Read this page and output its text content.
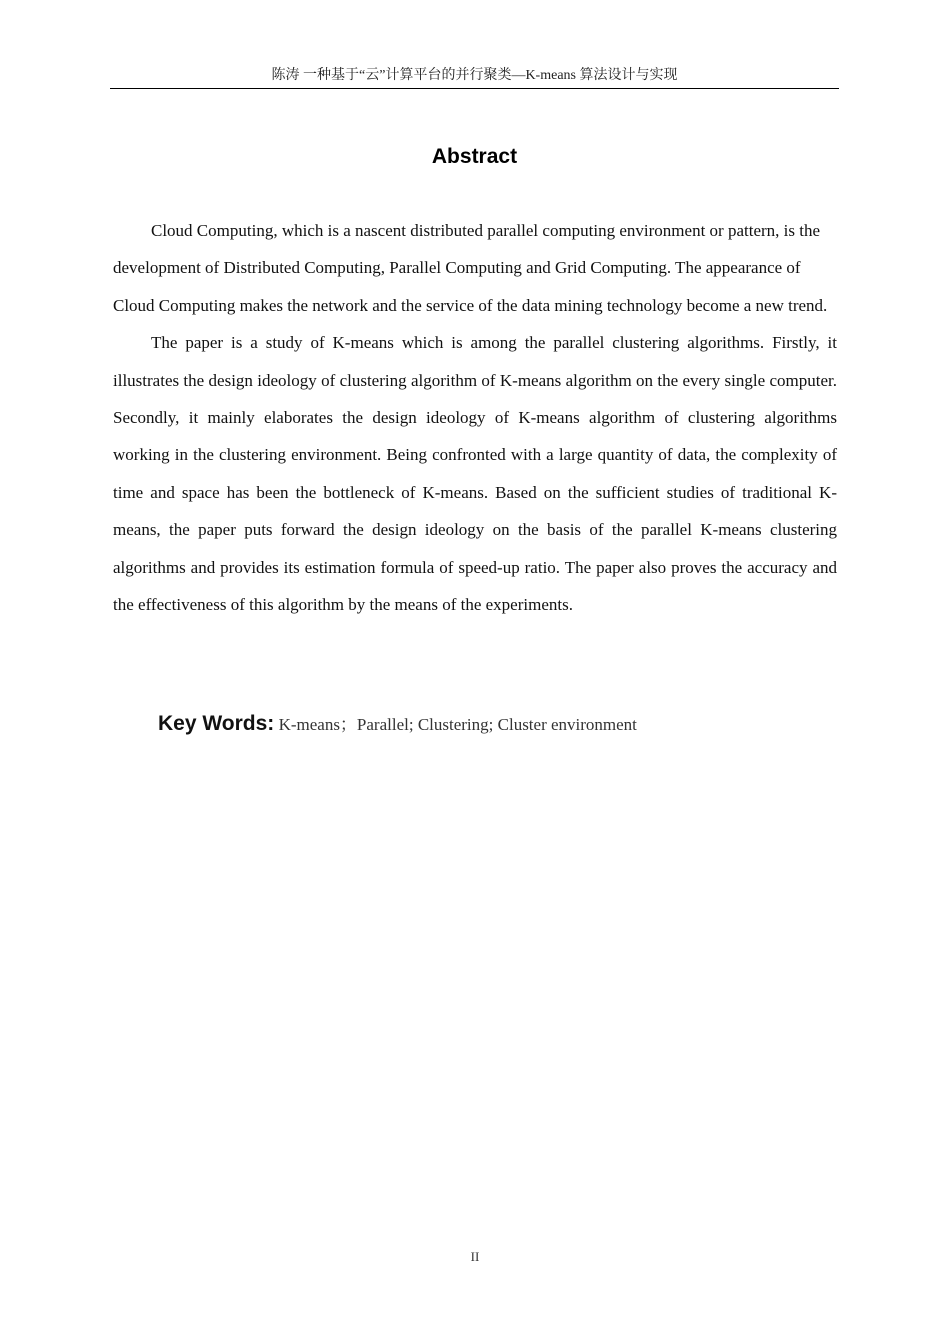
陈涛 一种基于“云”计算平台的并行聚类—K-means 算法设计与实现
Abstract

Cloud Computing, which is a nascent distributed parallel computing environment or pattern, is the development of Distributed Computing, Parallel Computing and Grid Computing. The appearance of Cloud Computing makes the network and the service of the data mining technology become a new trend.

The paper is a study of K-means which is among the parallel clustering algorithms. Firstly, it illustrates the design ideology of clustering algorithm of K-means algorithm on the every single computer. Secondly, it mainly elaborates the design ideology of K-means algorithm of clustering algorithms working in the clustering environment. Being confronted with a large quantity of data, the complexity of time and space has been the bottleneck of K-means. Based on the sufficient studies of traditional K-means, the paper puts forward the design ideology on the basis of the parallel K-means clustering algorithms and provides its estimation formula of speed-up ratio. The paper also proves the accuracy and the effectiveness of this algorithm by the means of the experiments.

Key Words: K-means；Parallel; Clustering; Cluster environment
II
